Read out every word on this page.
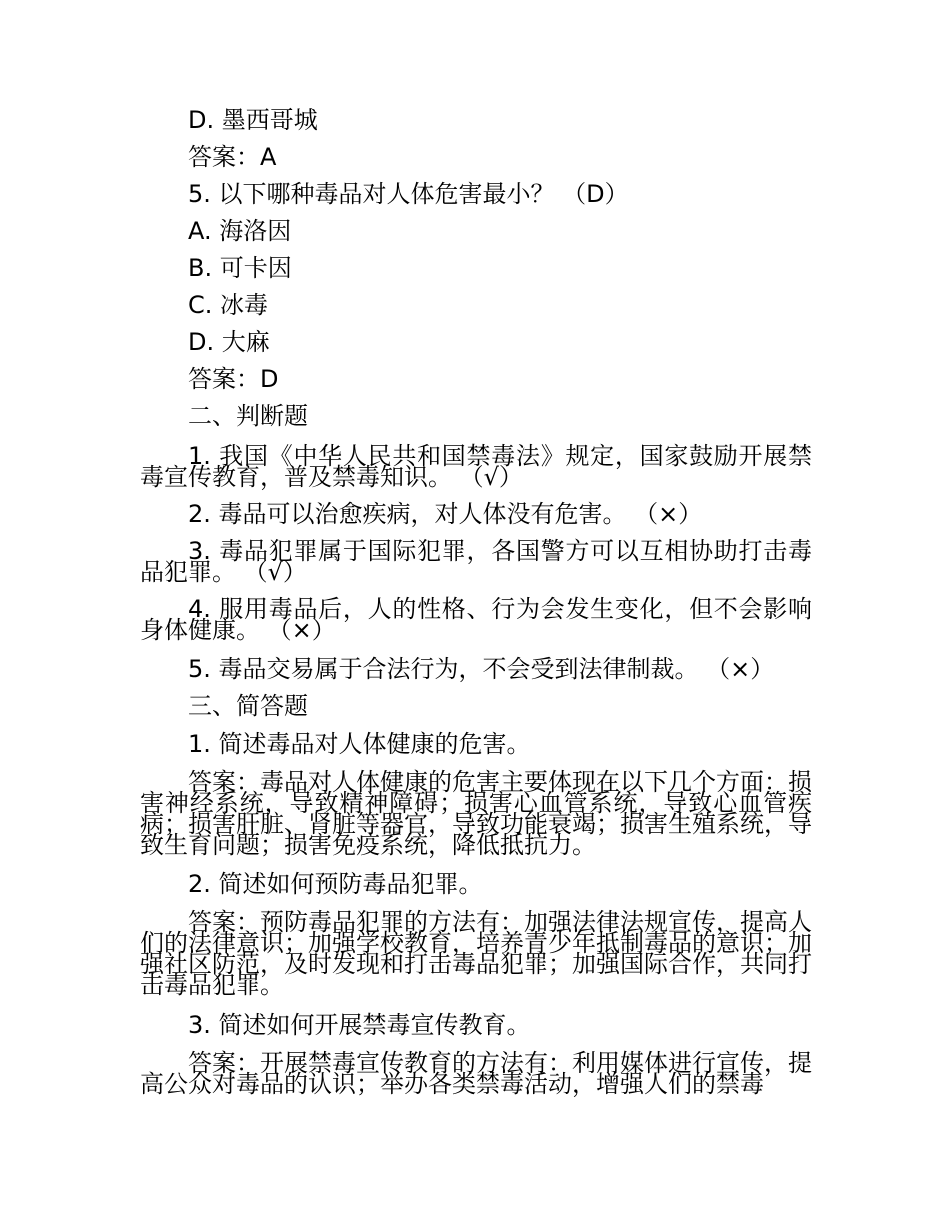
D. 墨西哥城
答案：A
5. 以下哪种毒品对人体危害最小？ （D）
A. 海洛因
B. 可卡因
C. 冰毒
D. 大麻
答案：D
二、判断题
1. 我国《中华人民共和国禁毒法》规定，国家鼓励开展禁毒宣传教育，普及禁毒知识。 （√）
2. 毒品可以治愈疾病，对人体没有危害。 （×）
3. 毒品犯罪属于国际犯罪，各国警方可以互相协助打击毒品犯罪。 （√）
4. 服用毒品后，人的性格、行为会发生变化，但不会影响身体健康。 （×）
5. 毒品交易属于合法行为，不会受到法律制裁。 （×）
三、简答题
1. 简述毒品对人体健康的危害。
答案：毒品对人体健康的危害主要体现在以下几个方面：损害神经系统，导致精神障碍；损害心血管系统，导致心血管疾病；损害肝脏、肾脏等器官，导致功能衰竭；损害生殖系统，导致生育问题；损害免疫系统，降低抵抗力。
2. 简述如何预防毒品犯罪。
答案：预防毒品犯罪的方法有：加强法律法规宣传，提高人们的法律意识；加强学校教育，培养青少年抵制毒品的意识；加强社区防范，及时发现和打击毒品犯罪；加强国际合作，共同打击毒品犯罪。
3. 简述如何开展禁毒宣传教育。
答案：开展禁毒宣传教育的方法有：利用媒体进行宣传，提高公众对毒品的认识；举办各类禁毒活动，增强人们的禁毒
